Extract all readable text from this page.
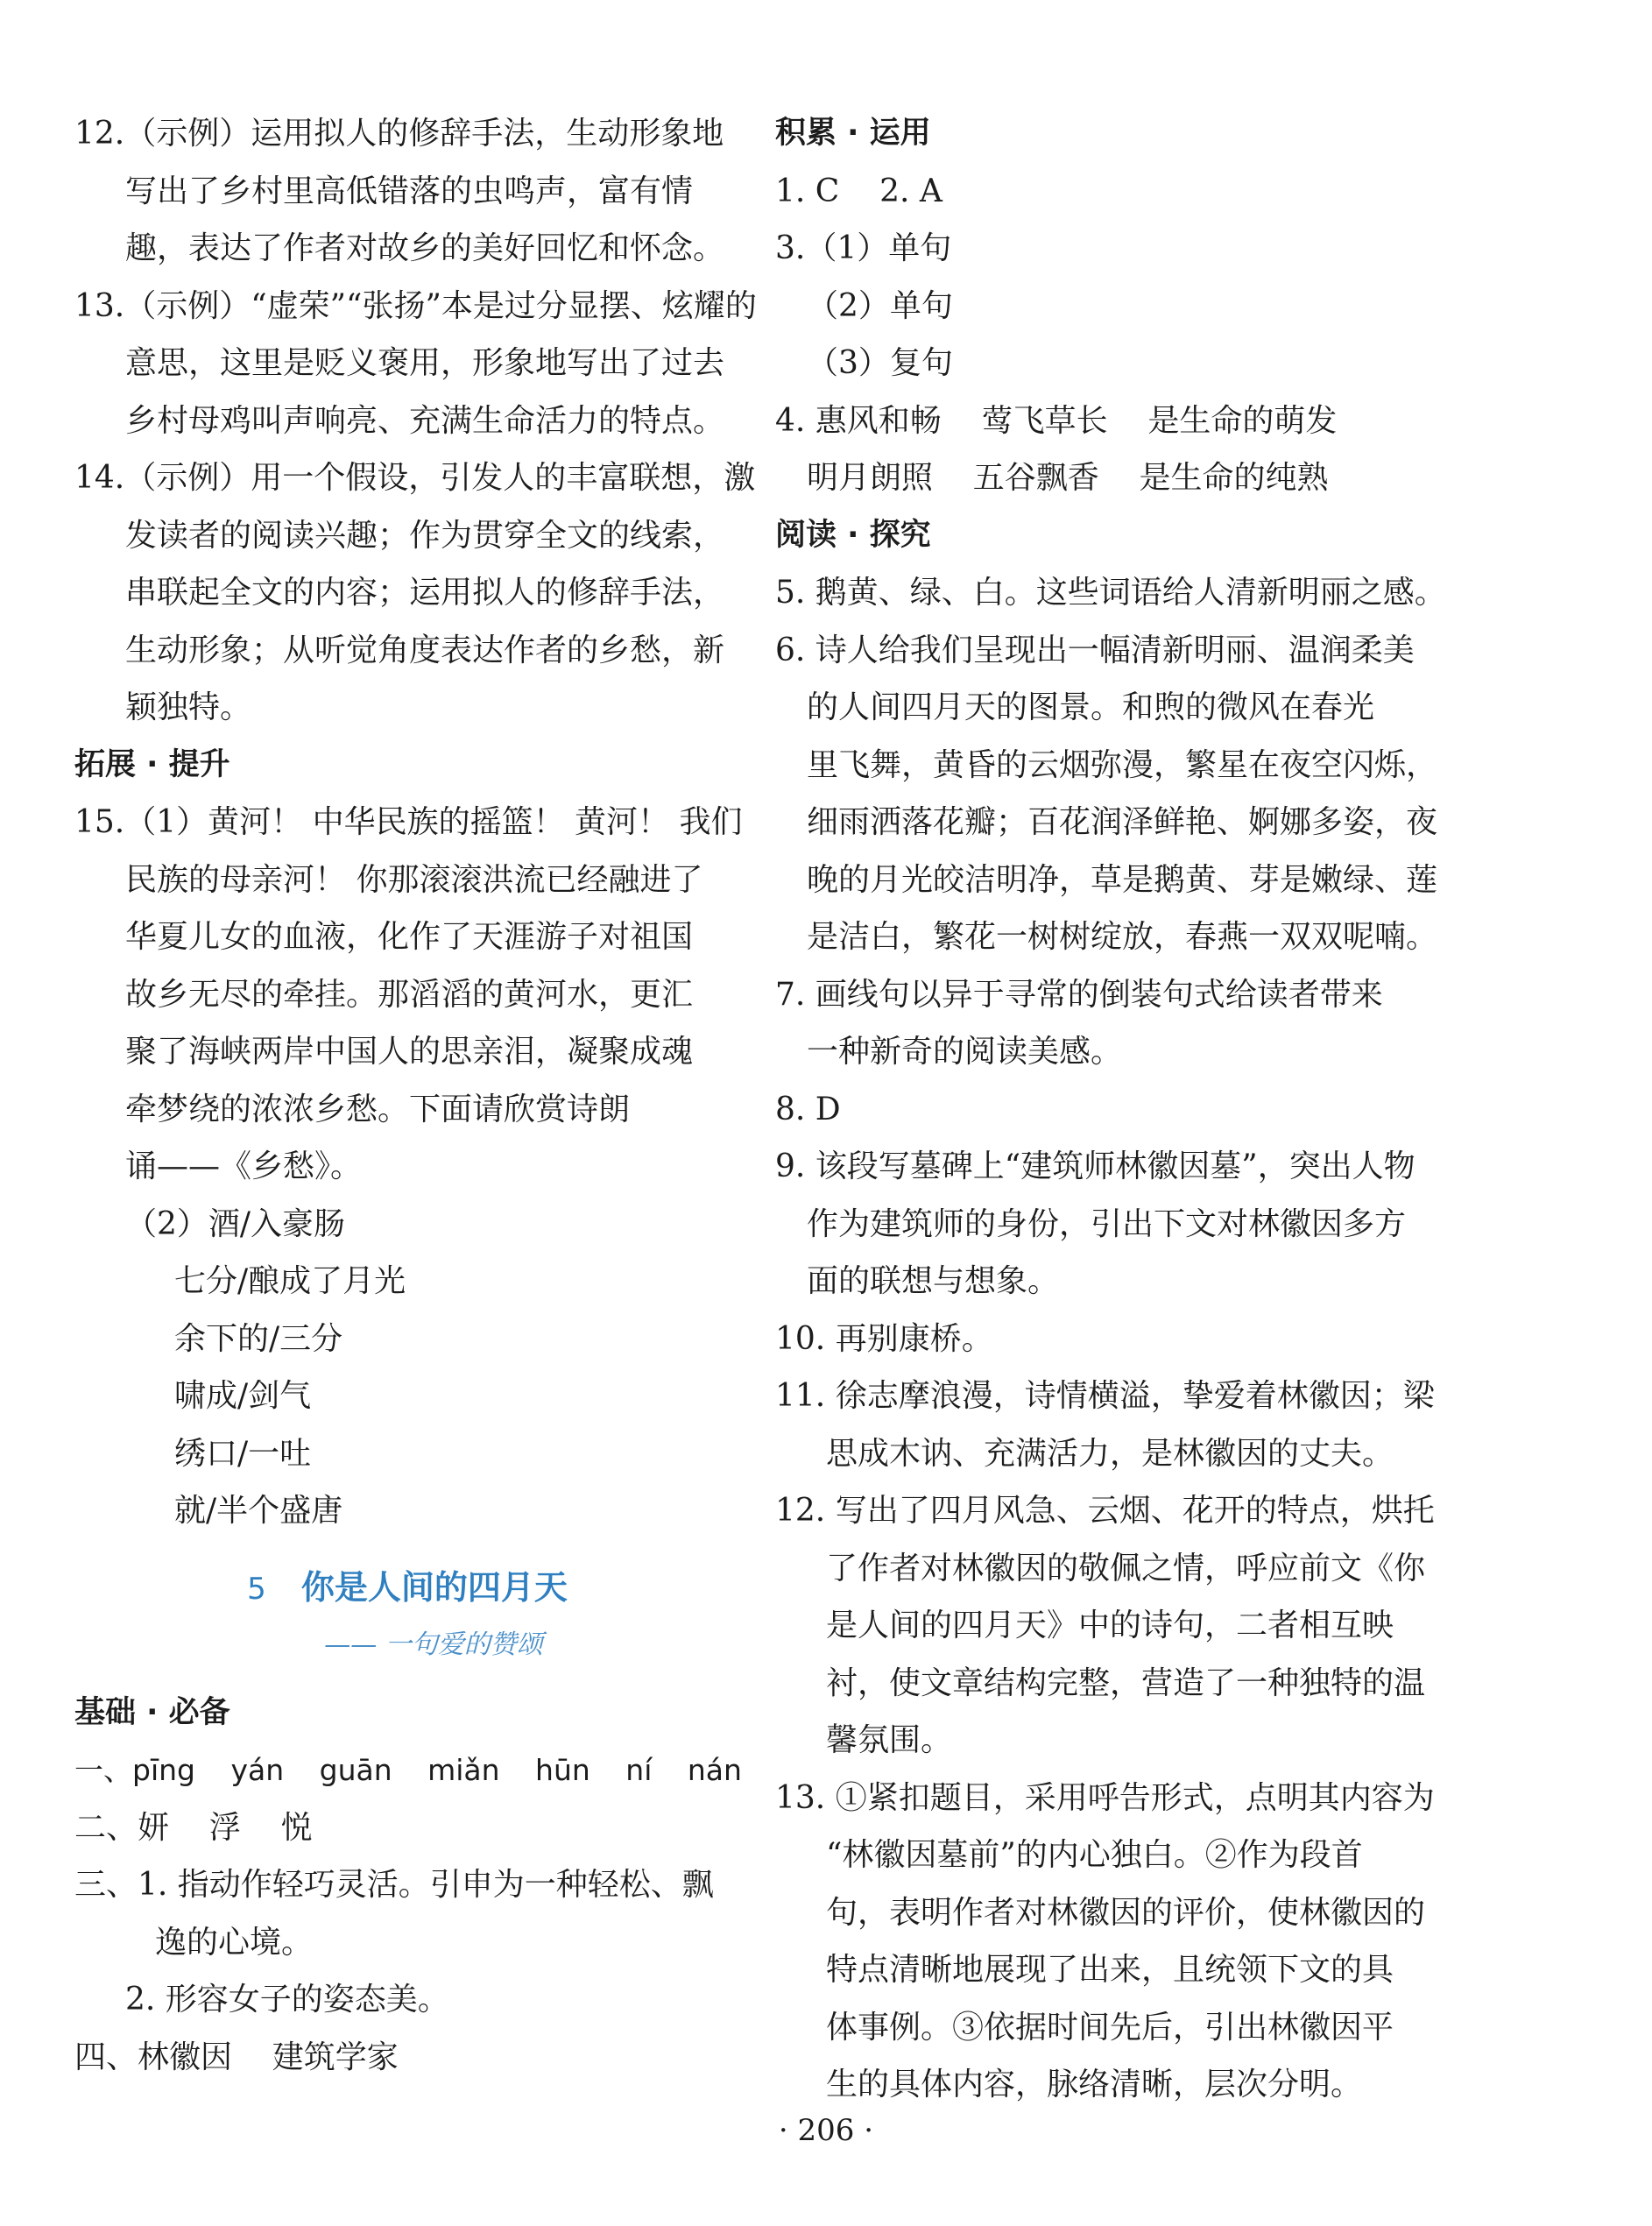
12.（示例）运用拟人的修辞手法，生动形象地
写出了乡村里高低错落的虫鸣声，富有情
趣，表达了作者对故乡的美好回忆和怀念。
13.（示例）“虚荣”“张扬”本是过分显摆、炫耀的
意思，这里是贬义褒用，形象地写出了过去
乡村母鸡叫声响亮、充满生命活力的特点。
14.（示例）用一个假设，引发人的丰富联想，激
发读者的阅读兴趣；作为贯穿全文的线索，
串联起全文的内容；运用拟人的修辞手法，
生动形象；从听觉角度表达作者的乡愁，新
颖独特。
拓展 · 提升
15.（1）黄河！ 中华民族的摇篮！ 黄河！ 我们
民族的母亲河！ 你那滚滚洪流已经融进了
华夏儿女的血液，化作了天涯游子对祖国
故乡无尽的牵挂。那滔滔的黄河水，更汇
聚了海峡两岸中国人的思亲泪，凝聚成魂
牵梦绕的浓浓乡愁。下面请欣赏诗朗
诵——《乡愁》。
（2）酒/入豪肠
七分/酿成了月光
余下的/三分
啸成/剑气
绣口/一吐
就/半个盛唐
5 你是人间的四月天
—— 一句爱的赞颂
基础 · 必备
一、pīng yán guān miǎn hūn ní nán
二、妍    浮    悦
三、1. 指动作轻巧灵活。引申为一种轻松、飘
逸的心境。
2. 形容女子的姿态美。
四、林徽因    建筑学家
积累 · 运用
1. C    2. A
3.（1）单句
（2）单句
（3）复句
4. 惠风和畅    莺飞草长    是生命的萌发
明月朗照    五谷飘香    是生命的纯熟
阅读 · 探究
5. 鹅黄、绿、白。这些词语给人清新明丽之感。
6. 诗人给我们呈现出一幅清新明丽、温润柔美
的人间四月天的图景。和煦的微风在春光
里飞舞，黄昏的云烟弥漫，繁星在夜空闪烁，
细雨洒落花瓣；百花润泽鲜艳、婀娜多姿，夜
晚的月光皎洁明净，草是鹅黄、芽是嫩绿、莲
是洁白，繁花一树树绽放，春燕一双双呢喃。
7. 画线句以异于寻常的倒装句式给读者带来
一种新奇的阅读美感。
8. D
9. 该段写墓碑上“建筑师林徽因墓”，突出人物
作为建筑师的身份，引出下文对林徽因多方
面的联想与想象。
10. 再别康桥。
11. 徐志摩浪漫，诗情横溢，挚爱着林徽因；梁
思成木讷、充满活力，是林徽因的丈夫。
12. 写出了四月风急、云烟、花开的特点，烘托
了作者对林徽因的敬佩之情，呼应前文《你
是人间的四月天》中的诗句，二者相互映
衬，使文章结构完整，营造了一种独特的温
馨氛围。
13. ①紧扣题目，采用呼告形式，点明其内容为
“林徽因墓前”的内心独白。②作为段首
句，表明作者对林徽因的评价，使林徽因的
特点清晰地展现了出来，且统领下文的具
体事例。③依据时间先后，引出林徽因平
生的具体内容，脉络清晰，层次分明。
· 206 ·
